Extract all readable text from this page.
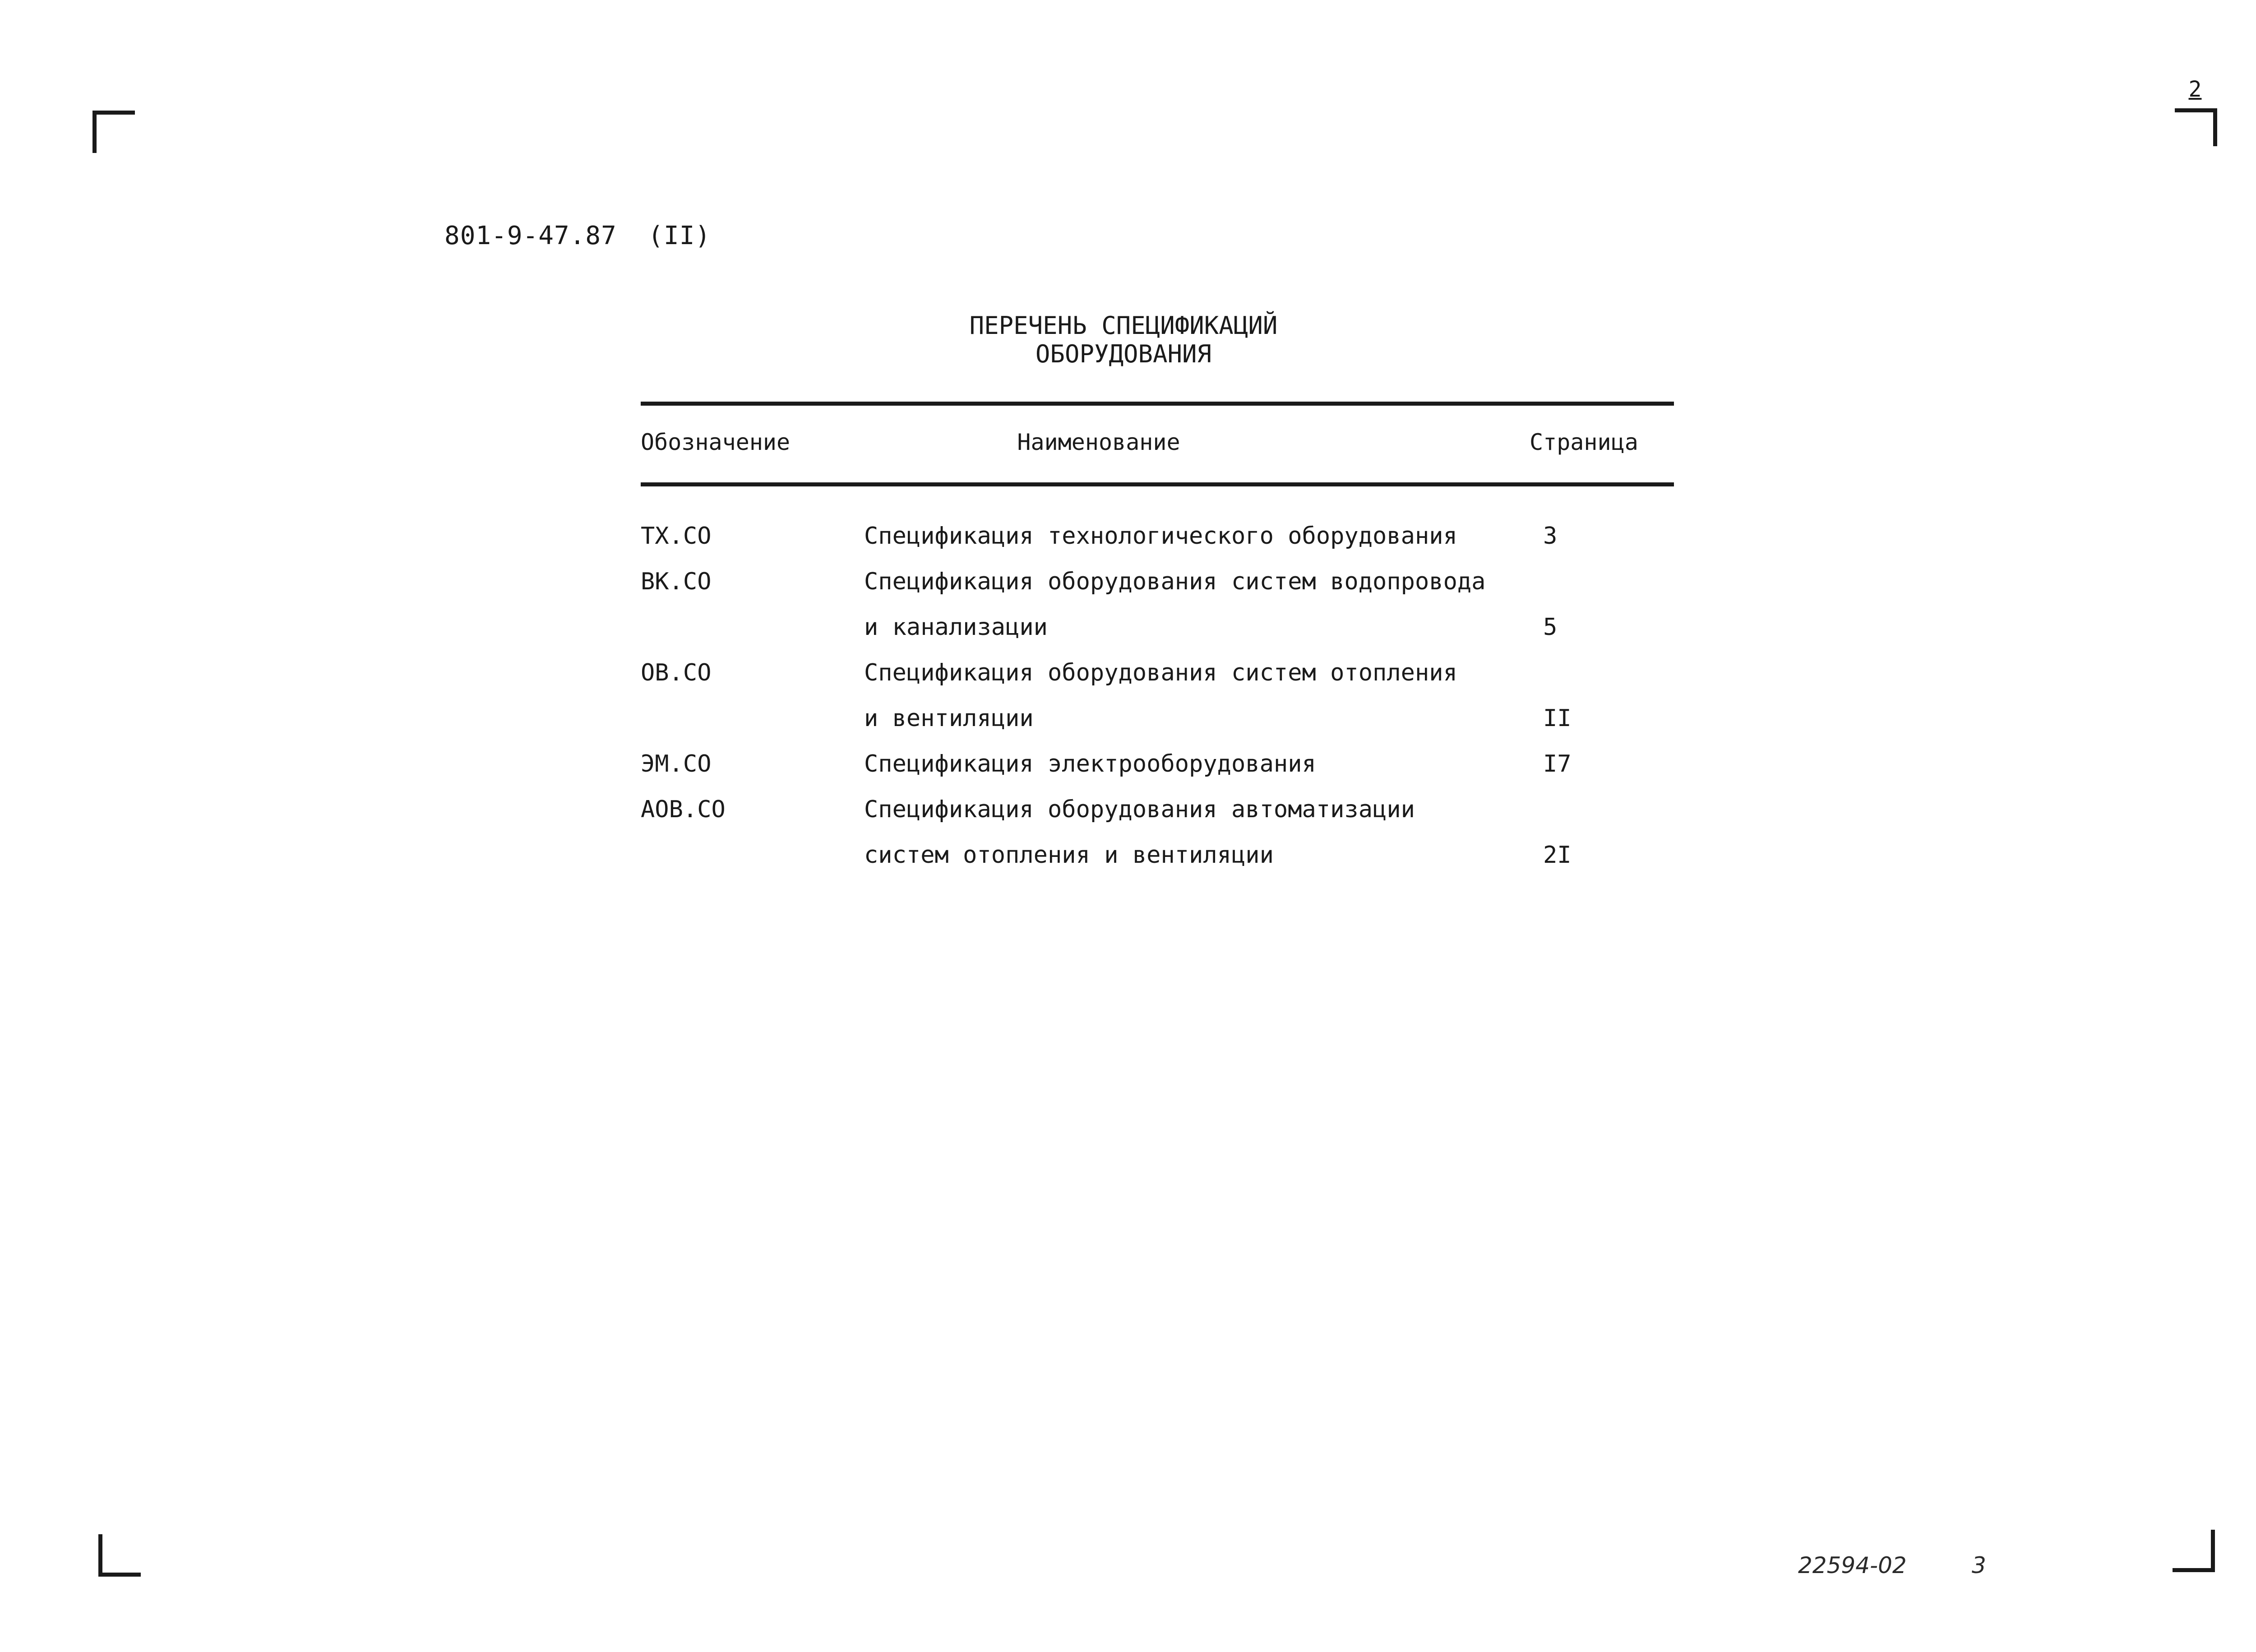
2
801-9-47.87  (II)
ПЕРЕЧЕНЬ СПЕЦИФИКАЦИЙ ОБОРУДОВАНИЯ
Обозначение	Наименование	Страница
ТХ.СО	Спецификация технологического оборудования	3
ВК.СО	Спецификация оборудования систем водопровода
и канализации	5
ОВ.СО	Спецификация оборудования систем отопления
и вентиляции	II
ЭМ.СО	Спецификация электрооборудования	I7
АОВ.СО	Спецификация оборудования автоматизации
систем отопления и вентиляции	2I
22594-02	3
